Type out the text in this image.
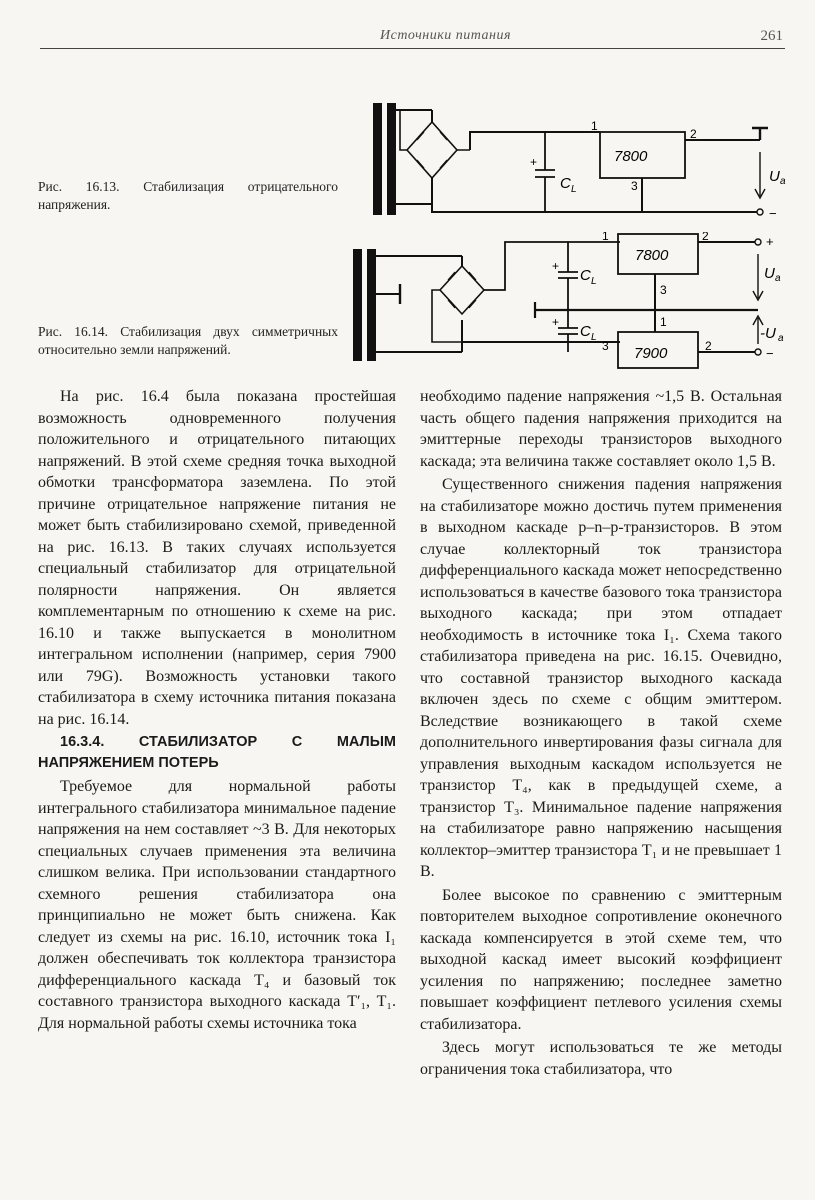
Источники питания	261
7800
1
2
3
+
C L
U a
−

Рис. 16.13. Стабилизация отрицательного напряжения.

7800
7900
1	2
3
1
3	2
+
+
C L
C L
+
−
U a
-U a

Рис. 16.14. Стабилизация двух симметричных относительно земли напряжений.

На рис. 16.4 была показана простейшая возможность одновременного получения положительного и отрицательного питающих напряжений. В этой схеме средняя точка выходной обмотки трансформатора заземлена. По этой причине отрицательное напряжение питания не может быть стабилизировано схемой, приведенной на рис. 16.13. В таких случаях используется специальный стабилизатор для отрицательной полярности напряжения. Он является комплементарным по отношению к схеме на рис. 16.10 и также выпускается в монолитном интегральном исполнении (например, серия 7900 или 79G). Возможность установки такого стабилизатора в схему источника питания показана на рис. 16.14.

16.3.4. СТАБИЛИЗАТОР С МАЛЫМ НАПРЯЖЕНИЕМ ПОТЕРЬ

Требуемое для нормальной работы интегрального стабилизатора минимальное падение напряжения на нем составляет ~3 В. Для некоторых специальных случаев применения эта величина слишком велика. При использовании стандартного схемного решения стабилизатора она принципиально не может быть снижена. Как следует из схемы на рис. 16.10, источник тока I₁ должен обеспечивать ток коллектора транзистора дифференциального каскада T₄ и базовый ток составного транзистора выходного каскада T′₁, T₁. Для нормальной работы схемы источника тока

необходимо падение напряжения ~1,5 В. Остальная часть общего падения напряжения приходится на эмиттерные переходы транзисторов выходного каскада; эта величина также составляет около 1,5 В.

Существенного снижения падения напряжения на стабилизаторе можно достичь путем применения в выходном каскаде p–n–p-транзисторов. В этом случае коллекторный ток транзистора дифференциального каскада может непосредственно использоваться в качестве базового тока транзистора выходного каскада; при этом отпадает необходимость в источнике тока I₁. Схема такого стабилизатора приведена на рис. 16.15. Очевидно, что составной транзистор выходного каскада включен здесь по схеме с общим эмиттером. Вследствие возникающего в такой схеме дополнительного инвертирования фазы сигнала для управления выходным каскадом используется не транзистор T₄, как в предыдущей схеме, а транзистор T₃. Минимальное падение напряжения на стабилизаторе равно напряжению насыщения коллектор–эмиттер транзистора T₁ и не превышает 1 В.

Более высокое по сравнению с эмиттерным повторителем выходное сопротивление оконечного каскада компенсируется в этой схеме тем, что выходной каскад имеет высокий коэффициент усиления по напряжению; последнее заметно повышает коэффициент петлевого усиления схемы стабилизатора.

Здесь могут использоваться те же методы ограничения тока стабилизатора, что
